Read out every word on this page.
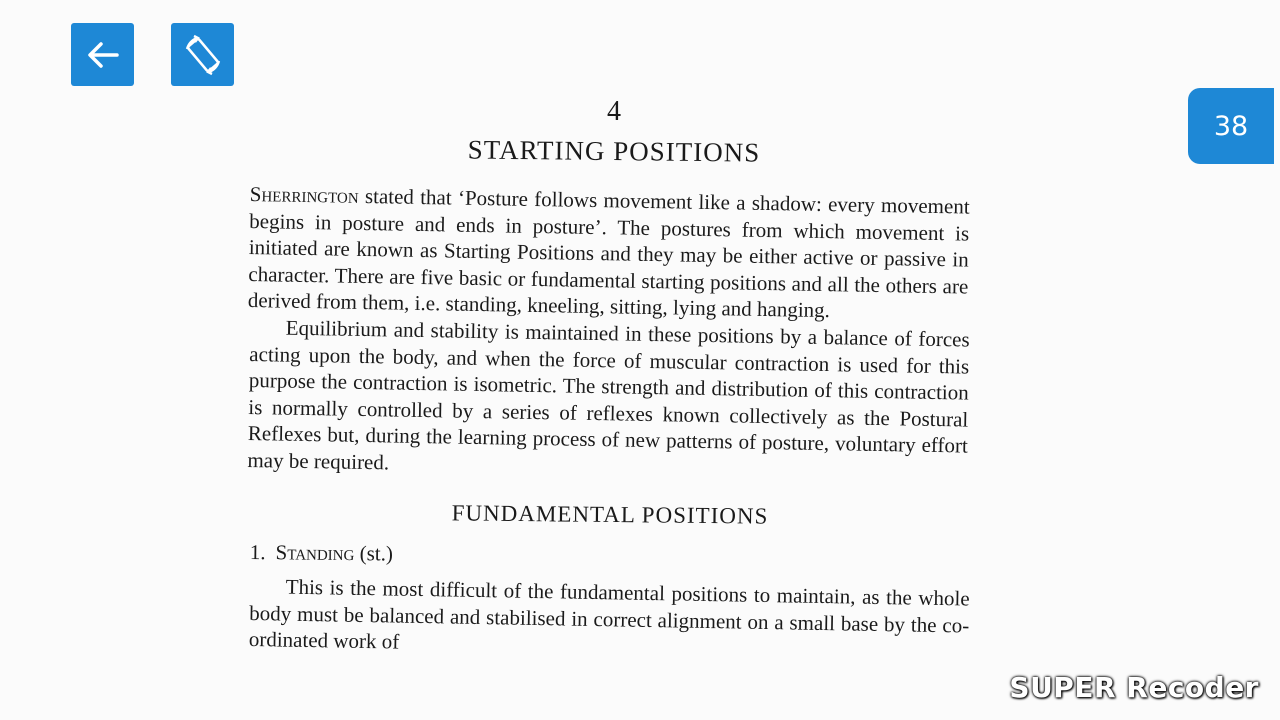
38
4
STARTING POSITIONS

Sherrington stated that ‘Posture follows movement like a shadow: every movement begins in posture and ends in posture’. The postures from which movement is initiated are known as Starting Positions and they may be either active or passive in character. There are five basic or fundamental starting positions and all the others are derived from them, i.e. standing, kneeling, sitting, lying and hanging.

Equilibrium and stability is maintained in these positions by a balance of forces acting upon the body, and when the force of muscular contraction is used for this purpose the contraction is isometric. The strength and distribution of this contraction is normally controlled by a series of reflexes known collectively as the Postural Reflexes but, during the learning process of new patterns of posture, voluntary effort may be required.

FUNDAMENTAL POSITIONS
1. Standing (st.)

This is the most difficult of the fundamental positions to maintain, as the whole body must be balanced and stabilised in correct alignment on a small base by the co-ordinated work of

SUPER Recoder
